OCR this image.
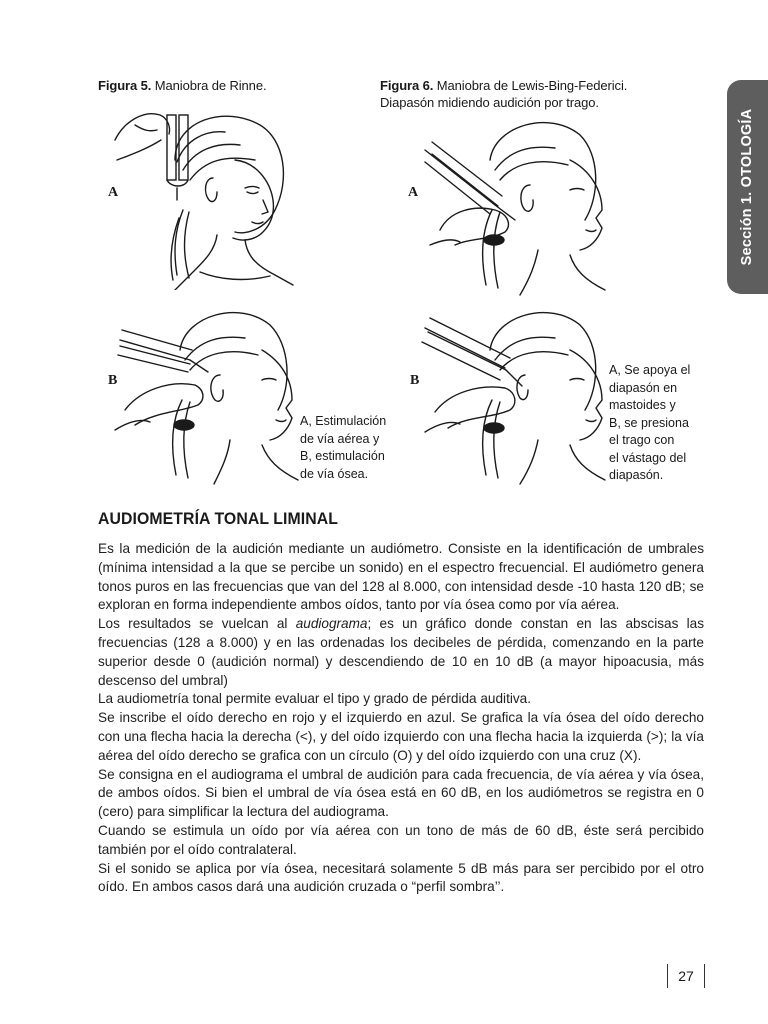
Sección 1. OTOLOGÍA
Figura 5. Maniobra de Rinne.	Figura 6. Maniobra de Lewis-Bing-Federici.
Diapasón midiendo audición por trago.
A	A
B	B
A, Estimulación
de vía aérea y
B, estimulación
de vía ósea.
A, Se apoya el
diapasón en
mastoides y
B, se presiona
el trago con
el vástago del
diapasón.
AUDIOMETRÍA TONAL LIMINAL

Es la medición de la audición mediante un audiómetro. Consiste en la identificación de umbrales (mínima intensidad a la que se percibe un sonido) en el espectro frecuencial. El audiómetro genera tonos puros en las frecuencias que van del 128 al 8.000, con intensidad desde -10 hasta 120 dB; se exploran en forma independiente ambos oídos, tanto por vía ósea como por vía aérea.

Los resultados se vuelcan al audiograma; es un gráfico donde constan en las abscisas las frecuencias (128 a 8.000) y en las ordenadas los decibeles de pérdida, comenzando en la parte superior desde 0 (audición normal) y descendiendo de 10 en 10 dB (a mayor hipoacusia, más descenso del umbral)

La audiometría tonal permite evaluar el tipo y grado de pérdida auditiva.

Se inscribe el oído derecho en rojo y el izquierdo en azul. Se grafica la vía ósea del oído derecho con una flecha hacia la derecha (<), y del oído izquierdo con una flecha hacia la izquierda (>); la vía aérea del oído derecho se grafica con un círculo (O) y del oído izquierdo con una cruz (X).

Se consigna en el audiograma el umbral de audición para cada frecuencia, de vía aérea y vía ósea, de ambos oídos. Si bien el umbral de vía ósea está en 60 dB, en los audiómetros se registra en 0 (cero) para simplificar la lectura del audiograma.

Cuando se estimula un oído por vía aérea con un tono de más de 60 dB, éste será percibido también por el oído contralateral.

Si el sonido se aplica por vía ósea, necesitará solamente 5 dB más para ser percibido por el otro oído. En ambos casos dará una audición cruzada o “perfil sombra’’.

27
